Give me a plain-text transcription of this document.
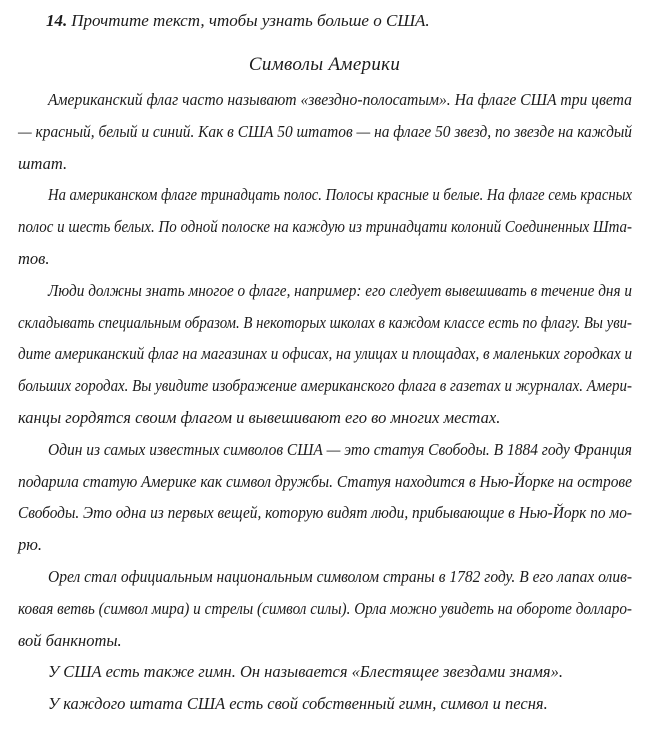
14. Прочтите текст, чтобы узнать больше о США.
Символы Америки
Американский флаг часто называют «звездно-полосатым». На флаге США три цвета
— красный, белый и синий. Как в США 50 штатов — на флаге 50 звезд, по звезде на каждый
штат.
На американском флаге тринадцать полос. Полосы красные и белые. На флаге семь красных
полос и шесть белых. По одной полоске на каждую из тринадцати колоний Соединенных Шта-
тов.
Люди должны знать многое о флаге, например: его следует вывешивать в течение дня и
складывать специальным образом. В некоторых школах в каждом классе есть по флагу. Вы уви-
дите американский флаг на магазинах и офисах, на улицах и площадах, в маленьких городках и
больших городах. Вы увидите изображение американского флага в газетах и журналах. Амери-
канцы гордятся своим флагом и вывешивают его во многих местах.
Один из самых известных символов США — это статуя Свободы. В 1884 году Франция
подарила статую Америке как символ дружбы. Статуя находится в Нью-Йорке на острове
Свободы. Это одна из первых вещей, которую видят люди, прибывающие в Нью-Йорк по мо-
рю.
Орел стал официальным национальным символом страны в 1782 году. В его лапах олив-
ковая ветвь (символ мира) и стрелы (символ силы). Орла можно увидеть на обороте долларо-
вой банкноты.
У США есть также гимн. Он называется «Блестящее звездами знамя».
У каждого штата США есть свой собственный гимн, символ и песня.
